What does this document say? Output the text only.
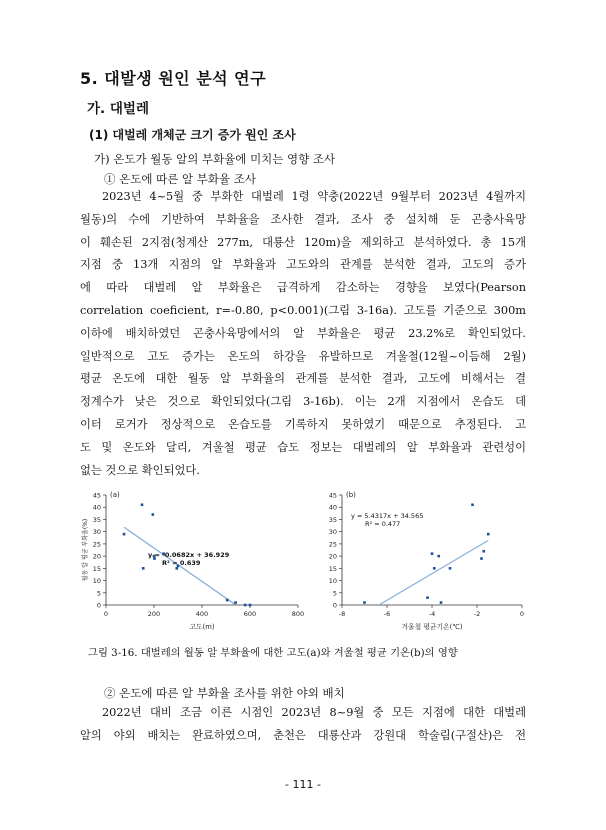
5. 대발생 원인 분석 연구
가. 대벌레
(1) 대벌레 개체군 크기 증가 원인 조사
가) 온도가 월동 알의 부화율에 미치는 영향 조사
① 온도에 따른 알 부화율 조사
2023년 4~5월 중 부화한 대벌레 1령 약충(2022년 9월부터 2023년 4월까지
월동)의 수에 기반하여 부화율을 조사한 결과, 조사 중 설치해 둔 곤충사육망
이 훼손된 2지점(청계산 277m, 대룡산 120m)을 제외하고 분석하였다. 총 15개
지점 중 13개 지점의 알 부화율과 고도와의 관계를 분석한 결과, 고도의 증가
에 따라 대벌레 알 부화율은 급격하게 감소하는 경향을 보였다(Pearson
correlation coeficient, r=-0.80, p<0.001)(그림 3-16a). 고도를 기준으로 300m
이하에 배치하였던 곤충사육망에서의 알 부화율은 평균 23.2%로 확인되었다.
일반적으로 고도 증가는 온도의 하강을 유발하므로 겨울철(12월~이듬해 2월)
평균 온도에 대한 월동 알 부화율의 관계를 분석한 결과, 고도에 비해서는 결
정계수가 낮은 것으로 확인되었다(그림 3-16b). 이는 2개 지점에서 온습도 데
이터 로거가 정상적으로 온습도를 기록하지 못하였기 때문으로 추정된다. 고
도 및 온도와 달리, 겨울철 평균 습도 정보는 대벌레의 알 부화율과 관련성이
없는 것으로 확인되었다.
0
5
10
15
20
25
30
35
40
45
0	200	400	600	800
(a)
고도(m)
월동 알 평균 부화율(%)	y = -0.0682x + 36.929
R² = 0.639
0
5
10
15
20
25
30
35
40
45
-8	-6	-4	-2	0
(b)
겨울철 평균기온(℃)
y = 5.4317x + 34.565
R² = 0.477
그림 3-16. 대벌레의 월동 알 부화율에 대한 고도(a)와 겨울철 평균 기온(b)의 영향
② 온도에 따른 알 부화율 조사를 위한 야외 배치
2022년 대비 조금 이른 시점인 2023년 8~9월 중 모든 지점에 대한 대벌레
알의 야외 배치는 완료하였으며, 춘천은 대룡산과 강원대 학술림(구절산)은 전
- 111 -
